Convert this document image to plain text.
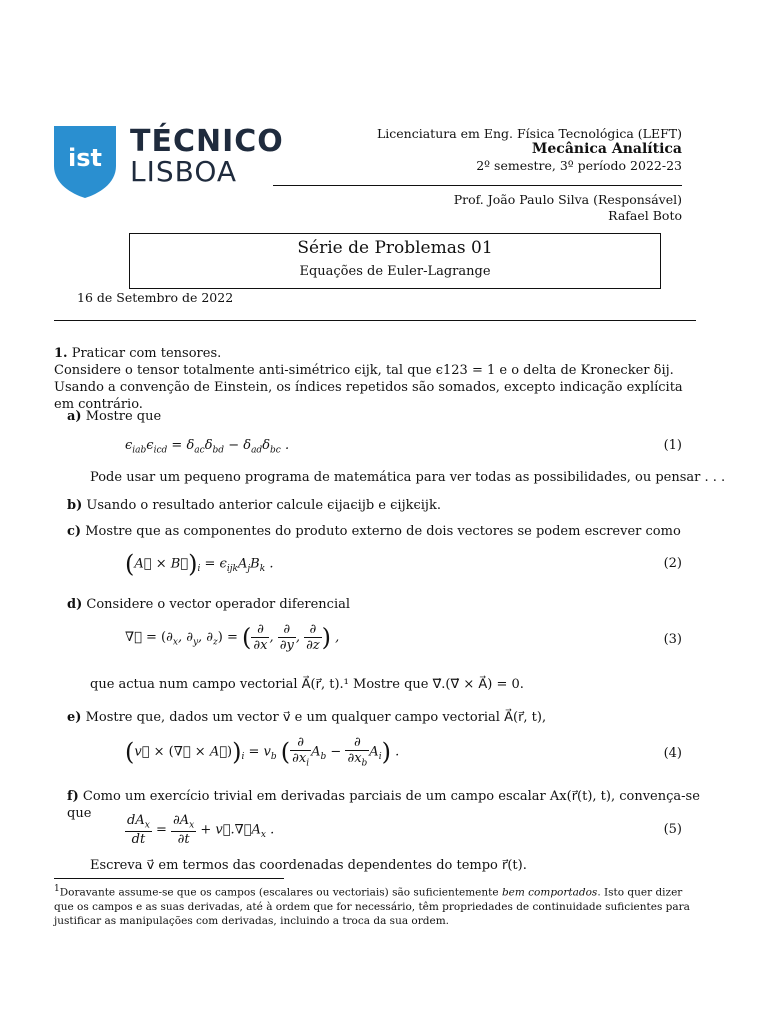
ist TÉCNICO
LISBOA
Licenciatura em Eng. Física Tecnológica (LEFT)
Mecânica Analítica
2º semestre, 3º período 2022-23
Prof. João Paulo Silva (Responsável)
Rafael Boto
Série de Problemas 01
Equações de Euler-Lagrange
16 de Setembro de 2022
1. Praticar com tensores.
Considere o tensor totalmente anti-simétrico ϵijk, tal que ϵ123 = 1 e o delta de Kronecker δij. Usando a convenção de Einstein, os índices repetidos são somados, excepto indicação explícita em contrário.
a) Mostre que
$\epsilon_{iab}\epsilon_{icd} = \delta_{ac}\delta_{bd} - \delta_{ad}\delta_{bc}$ .	(1)
Pode usar um pequeno programa de matemática para ver todas as possibilidades, ou pensar . . .
b) Usando o resultado anterior calcule ϵijaϵijb e ϵijkϵijk.
c) Mostre que as componentes do produto externo de dois vectores se podem escrever como
(A⃗ × $B⃗)_i = \epsilon_{ijk}A_jB_k$ .	(2)
d) Considere o vector operador diferencial
∇⃗ = ($\partial_x$, $\partial_y$, $\partial_z$) = ( $\frac{\partial}{\partial x}$ , $\frac{\partial}{\partial y}$ , $\frac{\partial}{\partial z}$ ) ,	(3)
que actua num campo vectorial A⃗(r⃗, t).¹ Mostre que ∇⃗.(∇⃗ × A⃗) = 0.
e) Mostre que, dados um vector v⃗ e um qualquer campo vectorial A⃗(r⃗, t),
(v⃗ × (∇⃗ × $A⃗))_i = v_b$ ( $\frac{\partial}{\partial x_i} A_b - \frac{\partial}{\partial x_b} A_i$) .	(4)
f) Como um exercício trivial em derivadas parciais de um campo escalar Ax(r⃗(t), t), convença-se que	$\frac{dA_x}{dt} = \frac{\partial A_x}{\partial t}$ + $v⃗.\nabla⃗A_x$ .	(5)
Escreva v⃗ em termos das coordenadas dependentes do tempo r⃗(t).
$^1$Doravante assume-se que os campos (escalares ou vectoriais) são suficientemente bem comportados. Isto quer dizer que os campos e as suas derivadas, até à ordem que for necessário, têm propriedades de continuidade suficientes para justificar as manipulações com derivadas, incluindo a troca da sua ordem.
